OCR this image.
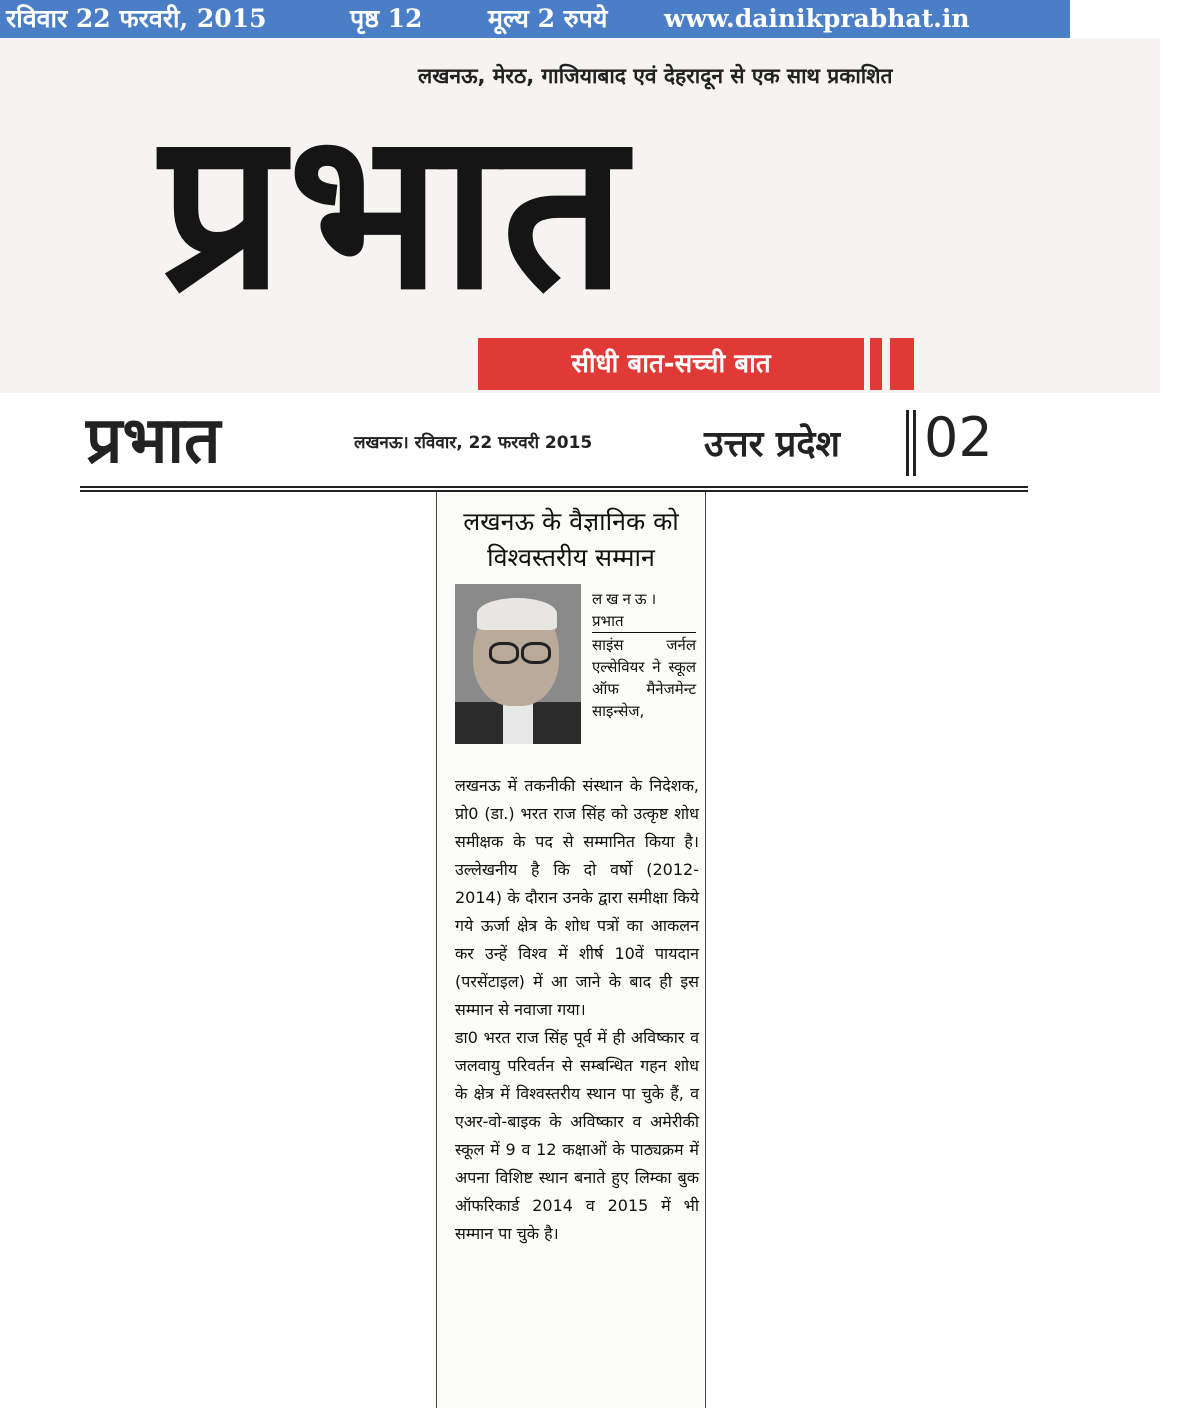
रविवार 22 फरवरी, 2015	पृष्ठ 12	मूल्य 2 रुपये www.dainikprabhat.in
लखनऊ, मेरठ, गाजियाबाद एवं देहरादून से एक साथ प्रकाशित
प्रभात
सीधी बात-सच्ची बात
प्रभात	लखनऊ। रविवार, 22 फरवरी 2015	उत्तर प्रदेश 02
लखनऊ के वैज्ञानिक को
विश्वस्तरीय सम्मान
लखनऊ।
प्रभात
साइंस जर्नल एल्सेवियर ने स्कूल ऑफ मैनेजमेन्ट साइन्सेज,
लखनऊ में तकनीकी संस्थान के निदेशक, प्रो0 (डा.) भरत राज सिंह को उत्कृष्ट शोध समीक्षक के पद से सम्मानित किया है। उल्लेखनीय है कि दो वर्षो (2012-2014) के दौरान उनके द्वारा समीक्षा किये गये ऊर्जा क्षेत्र के शोध पत्रों का आकलन कर उन्हें विश्व में शीर्ष 10वें पायदान (परसेंटाइल) में आ जाने के बाद ही इस सम्मान से नवाजा गया।
डा0 भरत राज सिंह पूर्व में ही अविष्कार व जलवायु परिवर्तन से सम्बन्धित गहन शोध के क्षेत्र में विश्वस्तरीय स्थान पा चुके हैं, व एअर-वो-बाइक के अविष्कार व अमेरीकी स्कूल में 9 व 12 कक्षाओं के पाठ्यक्रम में अपना विशिष्ट स्थान बनाते हुए लिम्का बुक ऑफरिकार्ड 2014 व 2015 में भी सम्मान पा चुके है।
